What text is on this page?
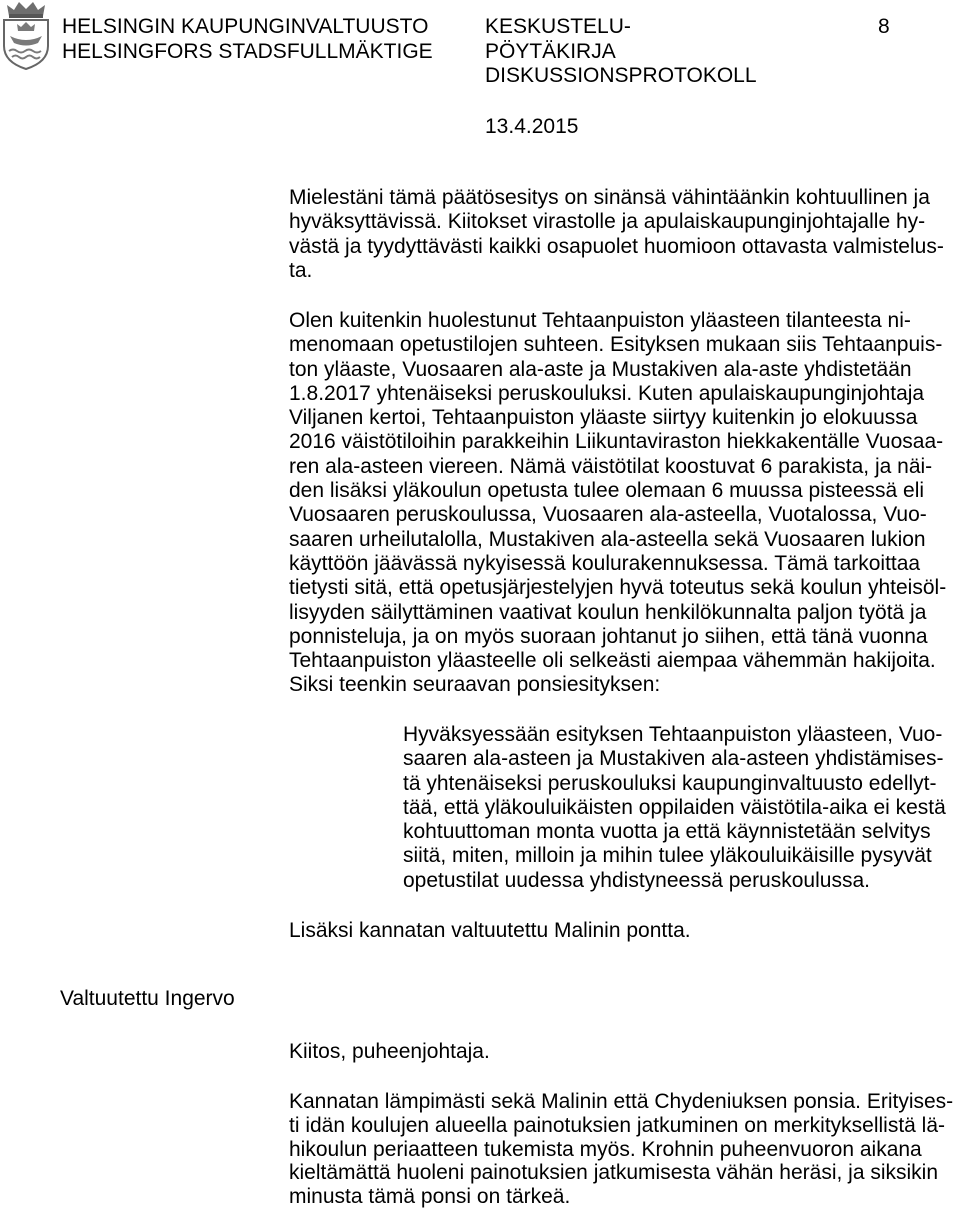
HELSINGIN KAUPUNGINVALTUUSTO
HELSINGFORS STADSFULLMÄKTIGE
KESKUSTELU-
PÖYTÄKIRJA
DISKUSSIONSPROTOKOLL
8
13.4.2015
Mielestäni tämä päätösesitys on sinänsä vähintäänkin kohtuullinen ja
hyväksyttävissä. Kiitokset virastolle ja apulaiskaupunginjohtajalle hy-
västä ja tyydyttävästi kaikki osapuolet huomioon ottavasta valmistelus-
ta.
Olen kuitenkin huolestunut Tehtaanpuiston yläasteen tilanteesta ni-
menomaan opetustilojen suhteen. Esityksen mukaan siis Tehtaanpuis-
ton yläaste, Vuosaaren ala-aste ja Mustakiven ala-aste yhdistetään
1.8.2017 yhtenäiseksi peruskouluksi. Kuten apulaiskaupunginjohtaja
Viljanen kertoi, Tehtaanpuiston yläaste siirtyy kuitenkin jo elokuussa
2016 väistötiloihin parakkeihin Liikuntaviraston hiekkakentälle Vuosaa-
ren ala-asteen viereen. Nämä väistötilat koostuvat 6 parakista, ja näi-
den lisäksi yläkoulun opetusta tulee olemaan 6 muussa pisteessä eli
Vuosaaren peruskoulussa, Vuosaaren ala-asteella, Vuotalossa, Vuo-
saaren urheilutalolla, Mustakiven ala-asteella sekä Vuosaaren lukion
käyttöön jäävässä nykyisessä koulurakennuksessa. Tämä tarkoittaa
tietysti sitä, että opetusjärjestelyjen hyvä toteutus sekä koulun yhteisöl-
lisyyden säilyttäminen vaativat koulun henkilökunnalta paljon työtä ja
ponnisteluja, ja on myös suoraan johtanut jo siihen, että tänä vuonna
Tehtaanpuiston yläasteelle oli selkeästi aiempaa vähemmän hakijoita.
Siksi teenkin seuraavan ponsiesityksen:
Hyväksyessään esityksen Tehtaanpuiston yläasteen, Vuo-
saaren ala-asteen ja Mustakiven ala-asteen yhdistämises-
tä yhtenäiseksi peruskouluksi kaupunginvaltuusto edellyt-
tää, että yläkouluikäisten oppilaiden väistötila-aika ei kestä
kohtuuttoman monta vuotta ja että käynnistetään selvitys
siitä, miten, milloin ja mihin tulee yläkouluikäisille pysyvät
opetustilat uudessa yhdistyneessä peruskoulussa.
Lisäksi kannatan valtuutettu Malinin pontta.
Valtuutettu Ingervo
Kiitos, puheenjohtaja.
Kannatan lämpimästi sekä Malinin että Chydeniuksen ponsia. Erityises-
ti idän koulujen alueella painotuksien jatkuminen on merkityksellistä lä-
hikoulun periaatteen tukemista myös. Krohnin puheenvuoron aikana
kieltämättä huoleni painotuksien jatkumisesta vähän heräsi, ja siksikin
minusta tämä ponsi on tärkeä.
